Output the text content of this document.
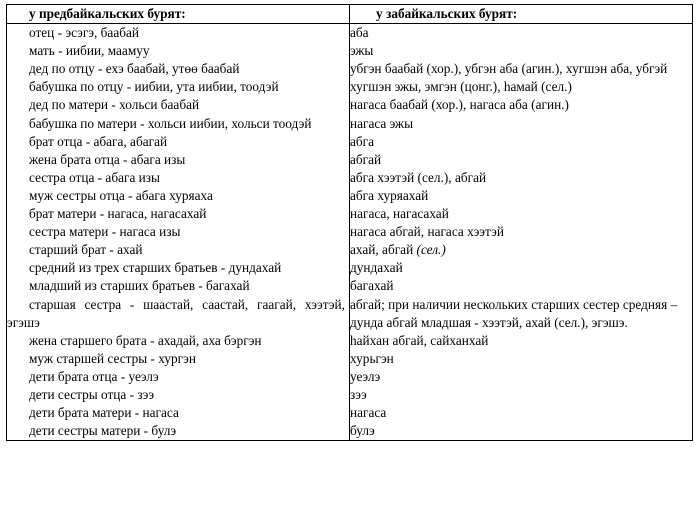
у предбайкальских бурят:	у забайкальских бурят:

отец - эсэгэ, баабай	аба

мать - иибии, маамуу	эжы

дед по отцу - ехэ баабай, утөө баабай	убгэн баабай (хор.), убгэн аба (агин.), хугшэн аба, убгэй

бабушка по отцу - иибии, ута иибии, тоодэй	хугшэн эжы, эмгэн (цонг.), һамай (сел.)

дед по матери - хольси баабай	нагаса баабай (хор.), нагаса аба (агин.)

бабушка по матери - хольси иибии, хольси тоодэй	нагаса эжы

брат отца - абага, абагай	абга

жена брата отца - абага изы	абгай

сестра отца - абага изы	абга хээтэй (сел.), абгай

муж сестры отца - абага хуряаха	абга хуряахай

брат матери - нагаса, нагасахай	нагаса, нагасахай

сестра матери - нагаса изы	нагаса абгай, нагаса хээтэй

старший брат - ахай	ахай, абгай (сел.)

средний из трех старших братьев - дундахай	дундахай

младший из старших братьев - багахай	багахай

старшая сестра - шаастай, саастай, гаагай, хээтэй, эгэшэ	абгай; при наличии нескольких старших сестер средняя – дунда абгай младшая - хээтэй, ахай (сел.), эгэшэ.

жена старшего брата - ахадай, аха бэргэн	һайхан абгай, сайханхай

муж старшей сестры - хургэн	хурьгэн

дети брата отца - уеэлэ	уеэлэ

дети сестры отца - зээ	зээ

дети брата матери - нагаса	нагаса

дети сестры матери - булэ	булэ
